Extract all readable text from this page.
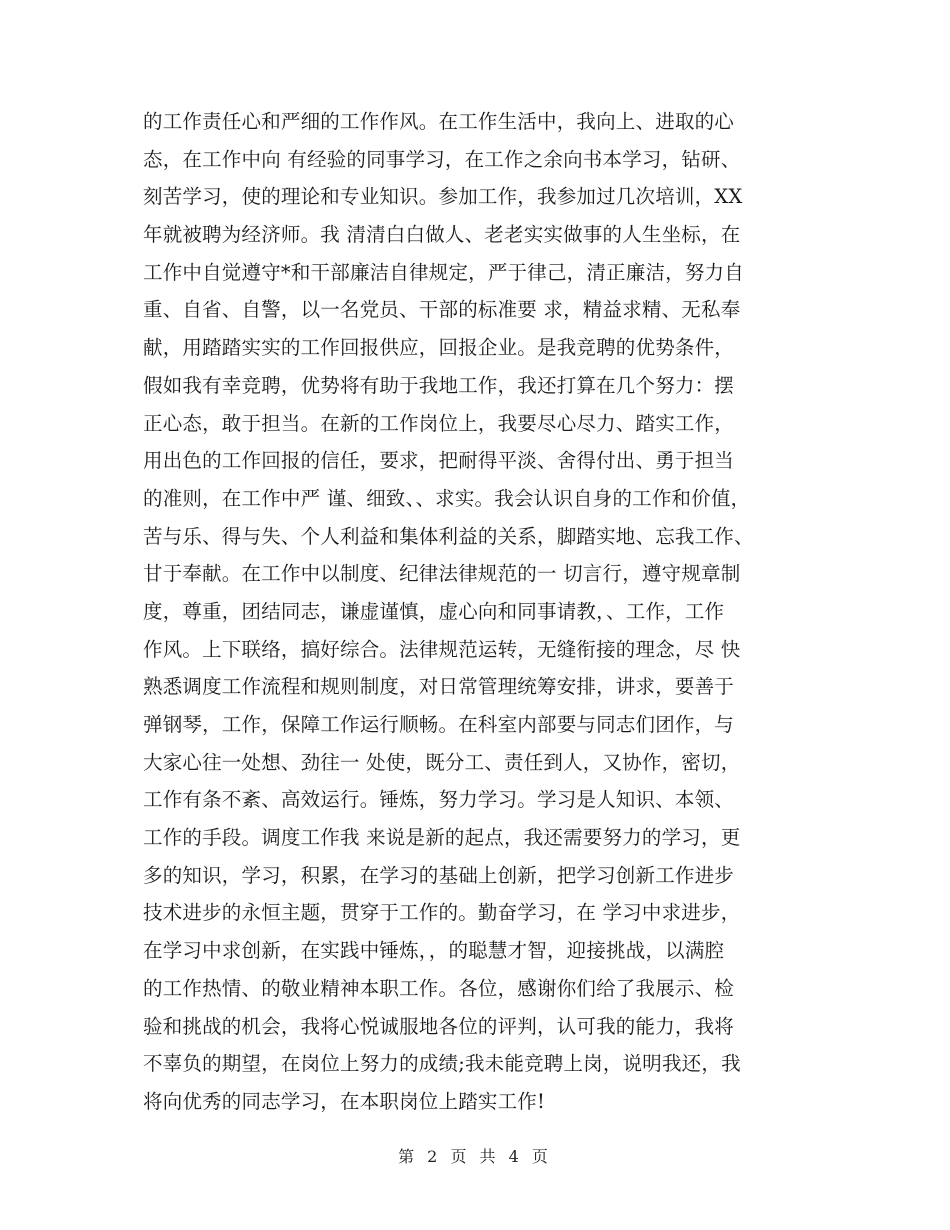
的工作责任心和严细的工作作风。在工作生活中，我向上、进取的心
态，在工作中向 有经验的同事学习，在工作之余向书本学习，钻研、
刻苦学习，使的理论和专业知识。参加工作，我参加过几次培训，XX
年就被聘为经济师。我 清清白白做人、老老实实做事的人生坐标，在
工作中自觉遵守*和干部廉洁自律规定，严于律己，清正廉洁，努力自
重、自省、自警，以一名党员、干部的标准要 求，精益求精、无私奉
献，用踏踏实实的工作回报供应，回报企业。是我竞聘的优势条件，
假如我有幸竞聘，优势将有助于我地工作，我还打算在几个努力：摆
正心态，敢于担当。在新的工作岗位上，我要尽心尽力、踏实工作，
用出色的工作回报的信任，要求，把耐得平淡、舍得付出、勇于担当
的准则，在工作中严 谨、细致、、求实。我会认识自身的工作和价值，
苦与乐、得与失、个人利益和集体利益的关系，脚踏实地、忘我工作、
甘于奉献。在工作中以制度、纪律法律规范的一 切言行，遵守规章制
度，尊重，团结同志，谦虚谨慎，虚心向和同事请教，、工作，工作
作风。上下联络，搞好综合。法律规范运转，无缝衔接的理念，尽 快
熟悉调度工作流程和规则制度，对日常管理统筹安排，讲求，要善于
弹钢琴，工作，保障工作运行顺畅。在科室内部要与同志们团作，与
大家心往一处想、劲往一 处使，既分工、责任到人，又协作，密切，
工作有条不紊、高效运行。锤炼，努力学习。学习是人知识、本领、
工作的手段。调度工作我 来说是新的起点，我还需要努力的学习，更
多的知识，学习，积累，在学习的基础上创新，把学习创新工作进步
技术进步的永恒主题，贯穿于工作的。勤奋学习，在 学习中求进步，
在学习中求创新，在实践中锤炼，，的聪慧才智，迎接挑战，以满腔
的工作热情、的敬业精神本职工作。各位，感谢你们给了我展示、检
验和挑战的机会，我将心悦诚服地各位的评判，认可我的能力，我将
不辜负的期望，在岗位上努力的成绩;我未能竞聘上岗，说明我还，我
将向优秀的同志学习，在本职岗位上踏实工作!
第 2 页 共 4 页
